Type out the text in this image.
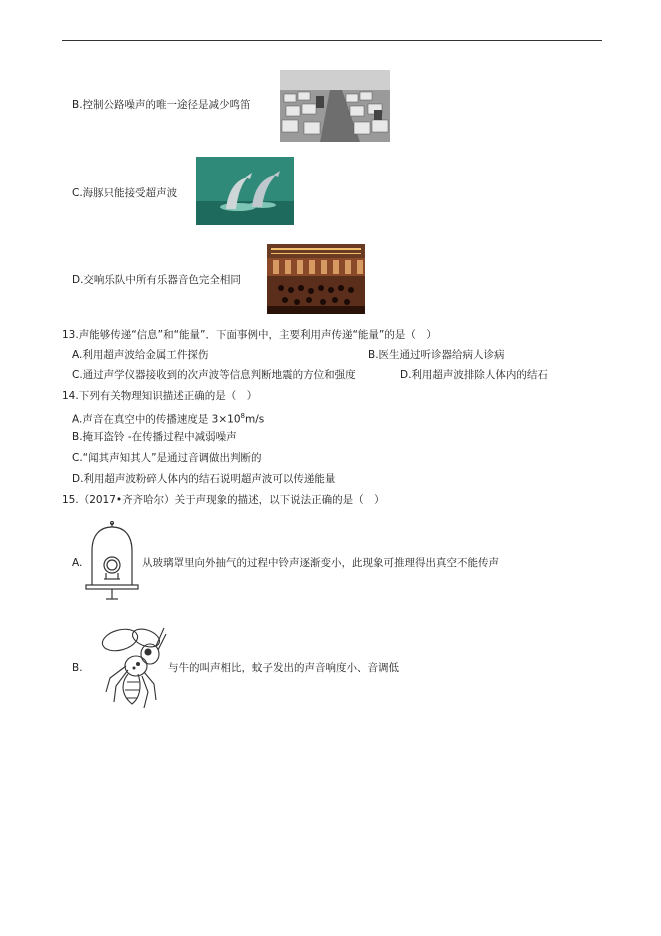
B.控制公路噪声的唯一途径是减少鸣笛
C.海豚只能接受超声波
D.交响乐队中所有乐器音色完全相同
13.声能够传递“信息”和“能量”．下面事例中，主要利用声传递“能量”的是（　）
A.利用超声波给金属工件探伤	B.医生通过听诊器给病人诊病
C.通过声学仪器接收到的次声波等信息判断地震的方位和强度	D.利用超声波排除人体内的结石
14.下列有关物理知识描述正确的是（　）
A.声音在真空中的传播速度是 $3\times 10^8m/s$
B.掩耳盗铃 -在传播过程中减弱噪声
C.“闻其声知其人”是通过音调做出判断的
D.利用超声波粉碎人体内的结石说明超声波可以传递能量
15.（2017•齐齐哈尔）关于声现象的描述，以下说法正确的是（　）
A.	从玻璃罩里向外抽气的过程中铃声逐渐变小，此现象可推理得出真空不能传声
B.	与牛的叫声相比，蚊子发出的声音响度小、音调低
